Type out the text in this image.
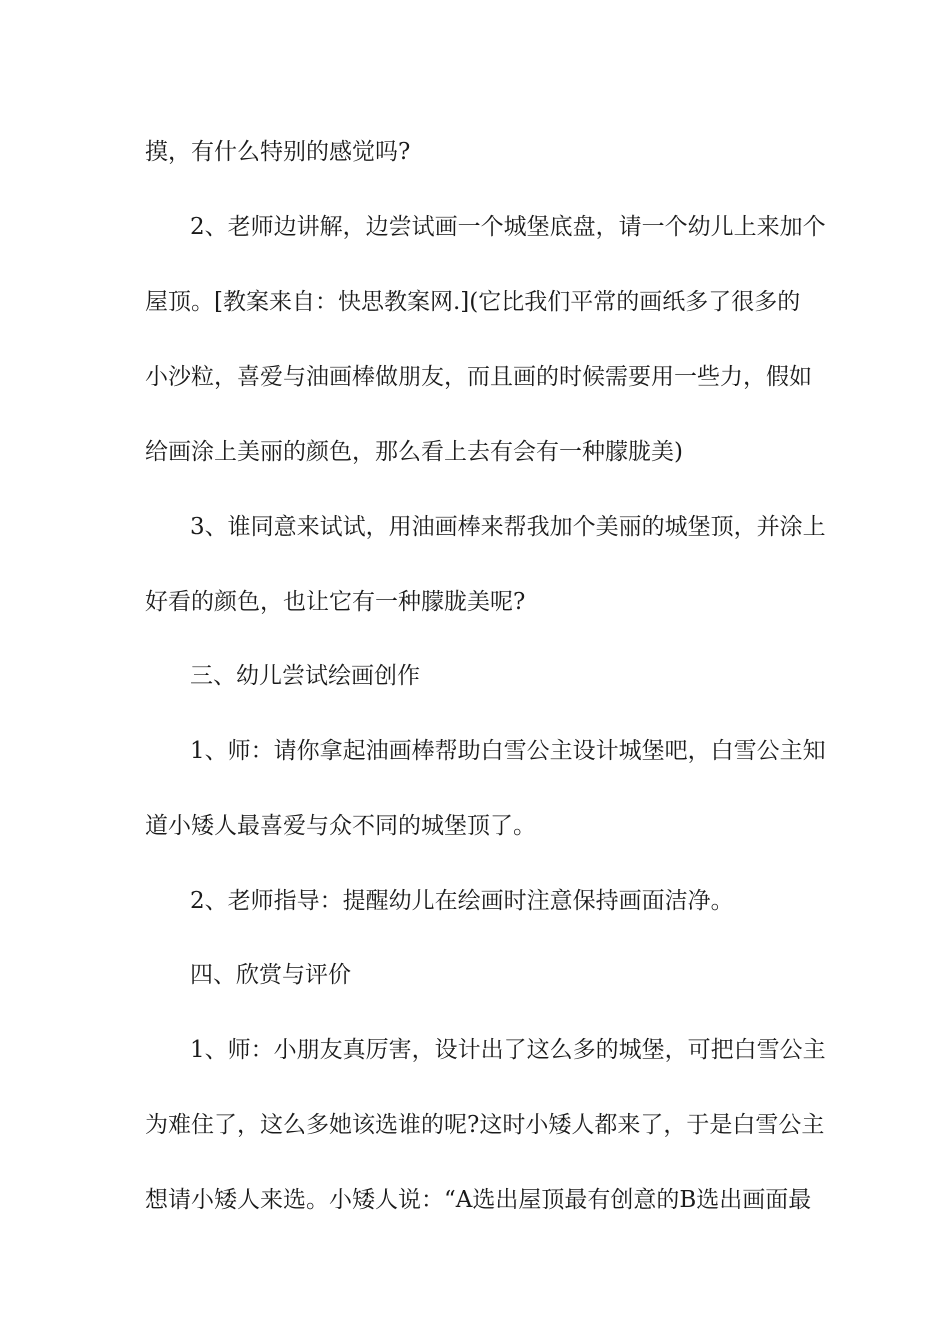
摸，有什么特别的感觉吗?
2、老师边讲解，边尝试画一个城堡底盘，请一个幼儿上来加个
屋顶。[教案来自：快思教案网.](它比我们平常的画纸多了很多的
小沙粒，喜爱与油画棒做朋友，而且画的时候需要用一些力，假如
给画涂上美丽的颜色，那么看上去有会有一种朦胧美)
3、谁同意来试试，用油画棒来帮我加个美丽的城堡顶，并涂上
好看的颜色，也让它有一种朦胧美呢?
三、幼儿尝试绘画创作
1、师：请你拿起油画棒帮助白雪公主设计城堡吧，白雪公主知
道小矮人最喜爱与众不同的城堡顶了。
2、老师指导：提醒幼儿在绘画时注意保持画面洁净。
四、欣赏与评价
1、师：小朋友真厉害，设计出了这么多的城堡，可把白雪公主
为难住了，这么多她该选谁的呢?这时小矮人都来了，于是白雪公主
想请小矮人来选。小矮人说：“A选出屋顶最有创意的B选出画面最
